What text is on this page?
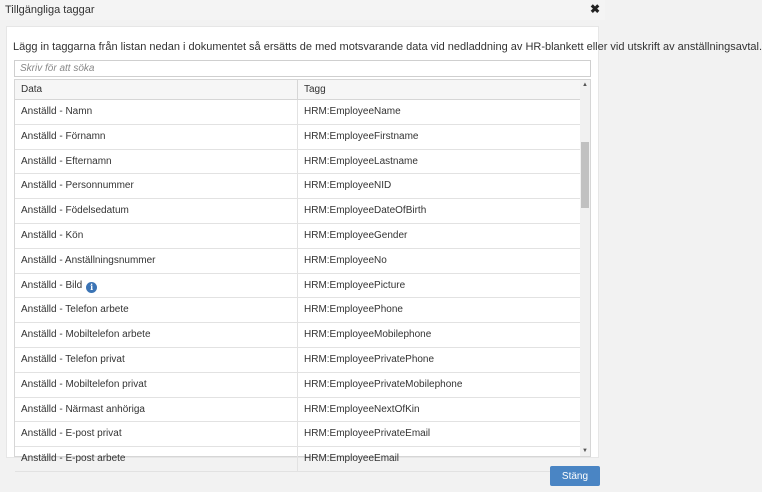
Tillgängliga taggar	✖
Lägg in taggarna från listan nedan i dokumentet så ersätts de med motsvarande data vid nedladdning av HR-blankett eller vid utskrift av anställningsavtal.
Skriv för att söka
Data	Tagg
Anställd - Namn	HRM:EmployeeName
Anställd - Förnamn	HRM:EmployeeFirstname
Anställd - Efternamn	HRM:EmployeeLastname
Anställd - Personnummer	HRM:EmployeeNID
Anställd - Födelsedatum	HRM:EmployeeDateOfBirth
Anställd - Kön	HRM:EmployeeGender
Anställd - Anställningsnummer	HRM:EmployeeNo
Anställd - Bild i	HRM:EmployeePicture
Anställd - Telefon arbete	HRM:EmployeePhone
Anställd - Mobiltelefon arbete	HRM:EmployeeMobilephone
Anställd - Telefon privat	HRM:EmployeePrivatePhone
Anställd - Mobiltelefon privat	HRM:EmployeePrivateMobilephone
Anställd - Närmast anhöriga	HRM:EmployeeNextOfKin
Anställd - E-post privat	HRM:EmployeePrivateEmail
Anställd - E-post arbete	HRM:EmployeeEmail
▲
▼
Stäng
